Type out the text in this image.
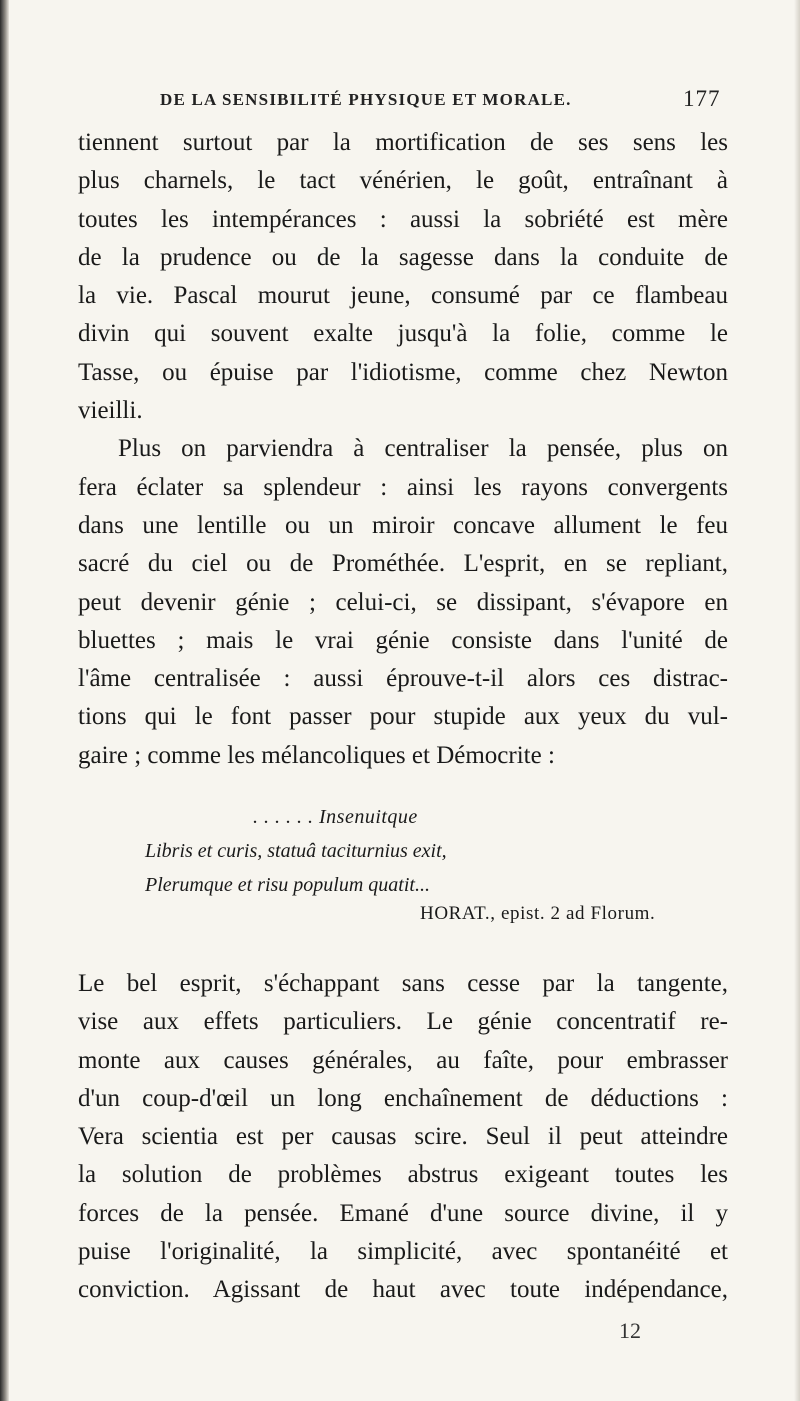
DE LA SENSIBILITÉ PHYSIQUE ET MORALE.	177
tiennent surtout par la mortification de ses sens les
plus charnels, le tact vénérien, le goût, entraînant à
toutes les intempérances : aussi la sobriété est mère
de la prudence ou de la sagesse dans la conduite de
la vie. Pascal mourut jeune, consumé par ce flambeau
divin qui souvent exalte jusqu'à la folie, comme le
Tasse, ou épuise par l'idiotisme, comme chez Newton
vieilli.
Plus on parviendra à centraliser la pensée, plus on
fera éclater sa splendeur : ainsi les rayons convergents
dans une lentille ou un miroir concave allument le feu
sacré du ciel ou de Prométhée. L'esprit, en se repliant,
peut devenir génie ; celui-ci, se dissipant, s'évapore en
bluettes ; mais le vrai génie consiste dans l'unité de
l'âme centralisée : aussi éprouve-t-il alors ces distrac-
tions qui le font passer pour stupide aux yeux du vul-
gaire ; comme les mélancoliques et Démocrite :
. . . . . . Insenuitque
Libris et curis, statuâ taciturnius exit,
Plerumque et risu populum quatit...
HORAT., epist. 2 ad Florum.
Le bel esprit, s'échappant sans cesse par la tangente,
vise aux effets particuliers. Le génie concentratif re-
monte aux causes générales, au faîte, pour embrasser
d'un coup-d'œil un long enchaînement de déductions :
Vera scientia est per causas scire. Seul il peut atteindre
la solution de problèmes abstrus exigeant toutes les
forces de la pensée. Emané d'une source divine, il y
puise l'originalité, la simplicité, avec spontanéité et
conviction. Agissant de haut avec toute indépendance,
12
